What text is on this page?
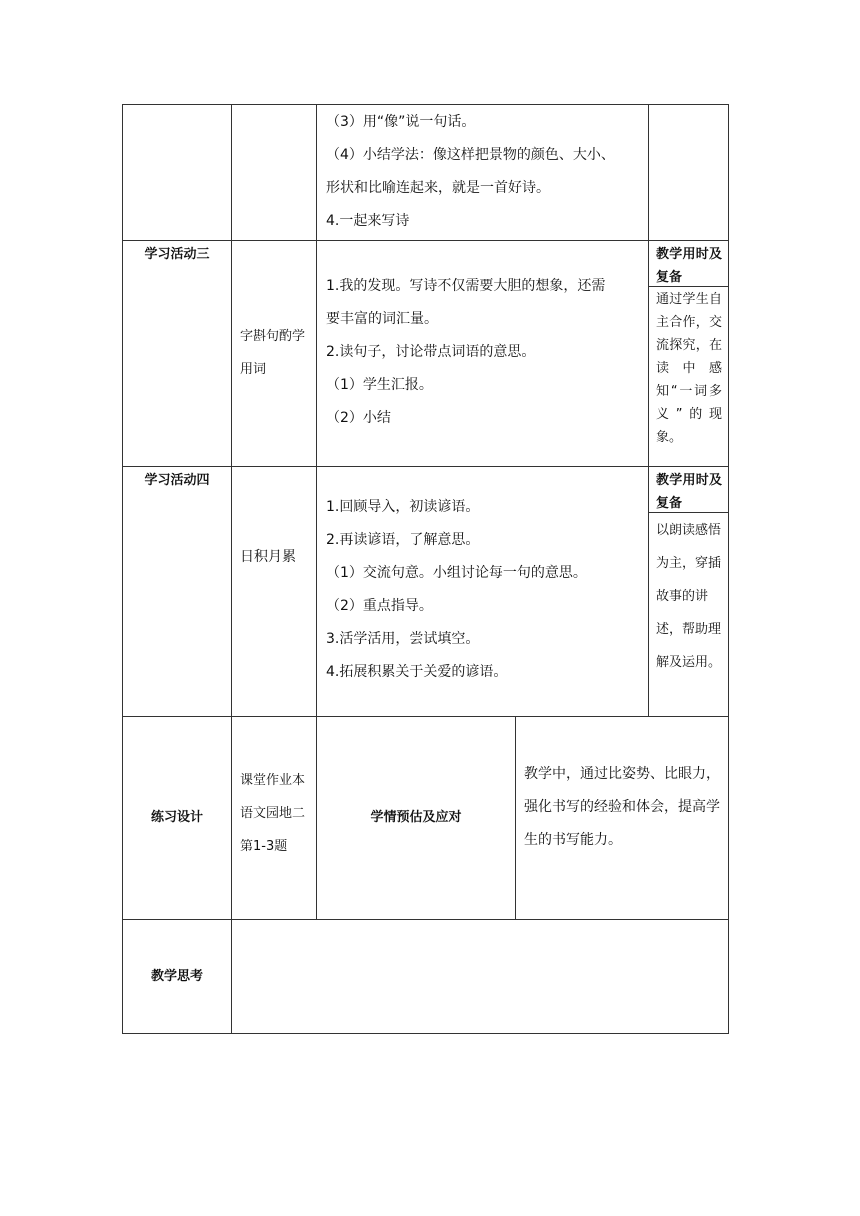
（3）用“像”说一句话。

（4）小结学法：像这样把景物的颜色、大小、

形状和比喻连起来，就是一首好诗。

4.一起来写诗

学习活动三
字斟句酌学用词

1.我的发现。写诗不仅需要大胆的想象，还需

要丰富的词汇量。

2.读句子，讨论带点词语的意思。

（1）学生汇报。

（2）小结

教学用时及复备
通过学生自主合作，交流探究，在读中感知“一词多义”的现象。
学习活动四
日积月累

1.回顾导入，初读谚语。

2.再读谚语，了解意思。

（1）交流句意。小组讨论每一句的意思。

（2）重点指导。

3.活学活用，尝试填空。

4.拓展积累关于关爱的谚语。

教学用时及复备
以朗读感悟为主，穿插故事的讲述，帮助理解及运用。
练习设计
课堂作业本语文园地二第1-3题
学情预估及应对
教学中，通过比姿势、比眼力，强化书写的经验和体会，提高学生的书写能力。
教学思考
